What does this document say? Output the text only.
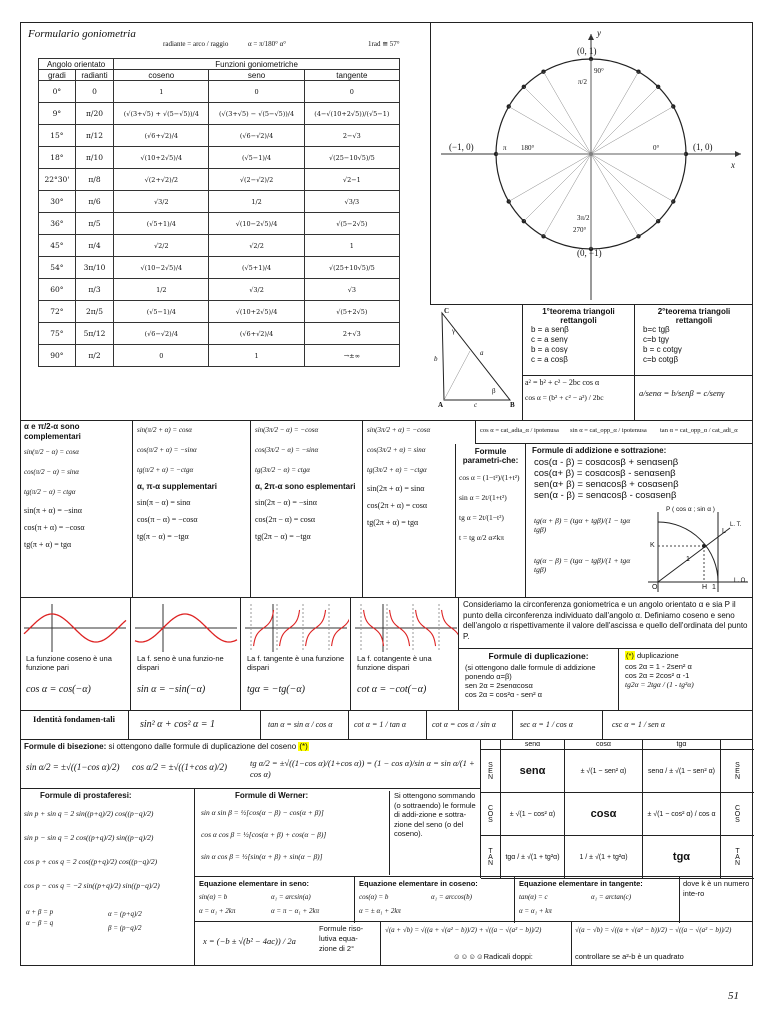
Formulario goniometria
radiante = arco / raggio	α = π/180° α°	1rad ≅ 57°
Angolo orientato		Funzioni goniometriche		
gradi	radianti	coseno	seno	tangente
0°	0	1	0	0
9°	π/20	(√(3+√5) + √(5−√5))/4	(√(3+√5) − √(5−√5))/4	(4−√(10+2√5))/(√5−1)
15°	π/12	(√6+√2)/4	(√6−√2)/4	2−√3
18°	π/10	√(10+2√5)/4	(√5−1)/4	√(25−10√5)/5
22°30'	π/8	√(2+√2)/2	√(2−√2)/2	√2−1
30°	π/6	√3/2	1/2	√3/3
36°	π/5	(√5+1)/4	√(10−2√5)/4	√(5−2√5)
45°	π/4	√2/2	√2/2	1
54°	3π/10	√(10−2√5)/4	(√5+1)/4	√(25+10√5)/5
60°	π/3	1/2	√3/2	√3
72°	2π/5	(√5−1)/4	√(10+2√5)/4	√(5+2√5)
75°	5π/12	(√6−√2)/4	(√6+√2)/4	2+√3
90°	π/2	0	1	→±∞
y
x
(0, 1)
(−1, 0)	(1, 0)
(0, −1)
90°
180°
270°
0°
π/2
π
3π/2
C
A	B
a
b
c
γ
β
1°teorema triangoli rettangoli
b = a senβ
c = a senγ
b = a cosγ
c = a cosβ
2°teorema triangoli rettangoli
b=c tgβ
c=b tgγ
b = c cotgγ
c=b cotgβ
a² = b² + c² − 2bc cos α
cos α = (b² + c² − a²) / 2bc	a/senα = b/senβ = c/senγ
α e π/2-α sono complementari
sin(π/2 − α) = cosα
cos(π/2 − α) = sinα
tg(π/2 − α) = ctgα
sin(π + α) = −sinα
cos(π + α) = −cosα
tg(π + α) = tgα
sin(π/2 + α) = cosα
cos(π/2 + α) = −sinα
tg(π/2 + α) = −ctgα
α, π-α supplementari
sin(π − α) = sinα
cos(π − α) = −cosα
tg(π − α) = −tgα
sin(3π/2 − α) = −cosα
cos(3π/2 − α) = −sinα
tg(3π/2 − α) = ctgα
α, 2π-α sono esplementari
sin(2π − α) = −sinα
cos(2π − α) = cosα
tg(2π − α) = −tgα
sin(3π/2 + α) = −cosα
cos(3π/2 + α) = sinα
tg(3π/2 + α) = −ctgα
sin(2π + α) = sinα
cos(2π + α) = cosα
tg(2π + α) = tgα
cos α = cat_adia_α / ipotenusa	sin α = cat_opp_α / ipotenusa	tan α = cat_opp_α / cat_adi_α
Formule parametri-che:
cos α = (1−t²)/(1+t²)
sin α = 2t/(1+t²)
tg α = 2t/(1−t²)
t = tg α/2 α≠kπ
Formule di addizione e sottrazione:
cos(α - β) = cosαcosβ + senαsenβ
cos(α+ β) = cosαcosβ - senαsenβ
sen(α+ β) = senαcosβ + cosαsenβ
sen(α - β) = senαcosβ - cosαsenβ
tg(α + β) = (tgα + tgβ)/(1 − tgα tgβ)
tg(α − β) = (tgα − tgβ)/(1 + tgα tgβ)
P ( cos α ; sin α )
K
H
O
L
L. T.
L. O.
1
1
La funzione coseno è una funzione pari
cos α = cos(−α)
La f. seno è una funzio-ne dispari
sin α = −sin(−α)
La f. tangente è una funzione dispari
tgα = −tg(−α)
La f. cotangente è una funzione dispari
cot α = −cot(−α)
Consideriamo la circonferenza goniometrica e un angolo orientato α e sia P il punto della circonferenza individuato dall'angolo α. Definiamo coseno e seno dell'angolo α rispettivamente il valore dell'ascissa e quello dell'ordinata del punto P.
Formule di duplicazione:
(si ottengono dalle formule di addizione ponendo α=β)
sen 2α = 2senαcosα
cos 2α = cos²α - sen² α
(*) duplicazione
cos 2α = 1 - 2sen² α
cos 2α = 2cos² α -1
tg2α = 2tgα / (1 - tg²α)
Identità fondamen-tali	sin² α + cos² α = 1	tan α = sin α / cos α	cot α = 1 / tan α	cot α = cos α / sin α	sec α = 1 / cos α	csc α = 1 / sen α
Formule di bisezione: si ottengono dalle formule di duplicazione del coseno (*)
sin α/2 = ±√((1−cos α)/2) cos α/2 = ±√((1+cos α)/2)	tg α/2 = ±√((1−cos α)/(1+cos α)) = (1 − cos α)/sin α = sin α/(1 + cos α)
senα	cosα	tgα
SEN	senα	± √(1 − sen² α)	senα / ± √(1 − sen² α)	SEN
COS	± √(1 − cos² α)	cosα	± √(1 − cos² α) / cos α	COS
TAN	tgα / ± √(1 + tg²α)	1 / ± √(1 + tg²α)	tgα	TAN
Formule di prostaferesi:
sin p + sin q = 2 sin((p+q)/2) cos((p−q)/2)
sin p − sin q = 2 cos((p+q)/2) sin((p−q)/2)
cos p + cos q = 2 cos((p+q)/2) cos((p−q)/2)
cos p − cos q = −2 sin((p+q)/2) sin((p−q)/2)
α + β = p
α − β = q
α = (p+q)/2
β = (p−q)/2
Formule di Werner:
sin α sin β = ½[cos(α − β) − cos(α + β)]
cos α cos β = ½[cos(α + β) + cos(α − β)]
sin α cos β = ½[sin(α + β) + sin(α − β)]
Si ottengono sommando (o sottraendo) le formule di addi-zione e sottra-zione del seno (o del coseno).
Equazione elementare in seno:
sin(α) = b	α₁ = arcsin(a)
α = α₁ + 2kπ	α = π − α₁ + 2kπ
Equazione elementare in coseno:
cos(α) = b	α₁ = arccos(b)
α = ± α₁ + 2kπ
Equazione elementare in tangente:
tan(α) = c	α₁ = arctan(c)
α = α₁ + kπ
dove k è un numero inte-ro
x = (−b ± √(b² − 4ac)) / 2a
Formule riso-lutiva equa-zione di 2°
√(a + √b) = √((a + √(a² − b))/2) + √((a − √(a² − b))/2)
☺☺☺☺Radicali doppi:
√(a − √b) = √((a + √(a² − b))/2) − √((a − √(a² − b))/2)
controllare se a²-b è un quadrato
51
